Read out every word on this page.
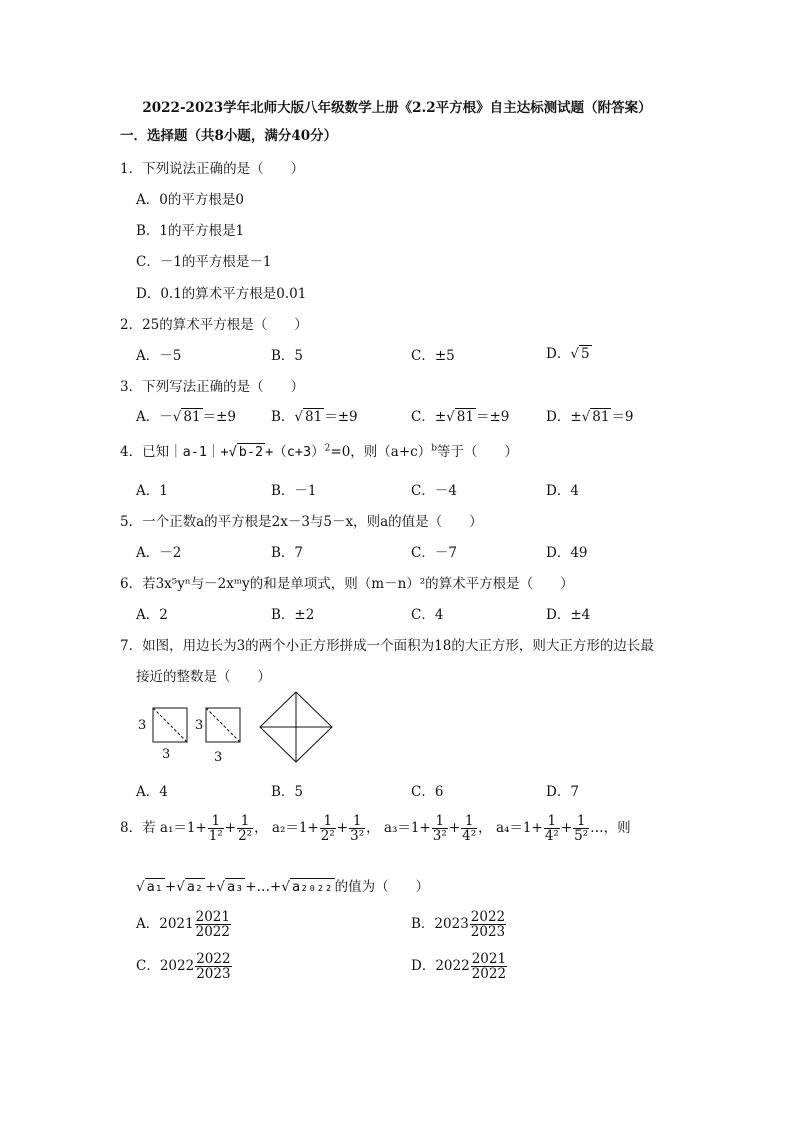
2022-2023学年北师大版八年级数学上册《2.2平方根》自主达标测试题（附答案）
一．选择题（共8小题，满分40分）
1．下列说法正确的是（　　）
A．0的平方根是0
B．1的平方根是1
C．－1的平方根是－1
D．0.1的算术平方根是0.01
2．25的算术平方根是（　　）
A．－5	B．5	C．±5	D．√ 5
3．下列写法正确的是（　　）
A．－√ 81 ＝±9	B．√ 81 ＝±9	C．±√ 81 ＝±9	D．±√ 81 ＝9
4．已知｜a-1｜+√ $b-2 +(c+3)^2=0$，则$(a+c)^b$等于（　　）
A．1	B．－1	C．－4	D．4
5．一个正数a的平方根是2x－3与5－x，则a的值是（　　）
A．－2	B．7	C．－7	D．49
6．若3x⁵yⁿ与－2xᵐy的和是单项式，则（m－n）²的算术平方根是（　　）
A．2	B．±2	C．4	D．±4
7．如图，用边长为3的两个小正方形拼成一个面积为18的大正方形，则大正方形的边长最
接近的整数是（　　）
3
3
3
3
A．4	B．5	C．6	D．7
8．若 $a_1=1+ \frac{1}{\text{1²}} + \frac{1}{\text{2²}}$ ， $a_2=1+ \frac{1}{\text{2²}} + \frac{1}{\text{3²}}$ ， $a_3=1+ \frac{1}{\text{3²}} + \frac{1}{\text{4²}}$ ， $a_4=1+ \frac{1}{\text{4²}} + \frac{1}{\text{5²}}$ …，则
√ a₁ +√ a₂ +√ a₃ +…+√ a₂₀₂₂ 的值为（　　）
A．$2021 \frac{2021}{2022}$	B．$2023 \frac{2022}{2023}$
C．$2022 \frac{2022}{2023}$	D．$2022 \frac{2021}{2022}$
